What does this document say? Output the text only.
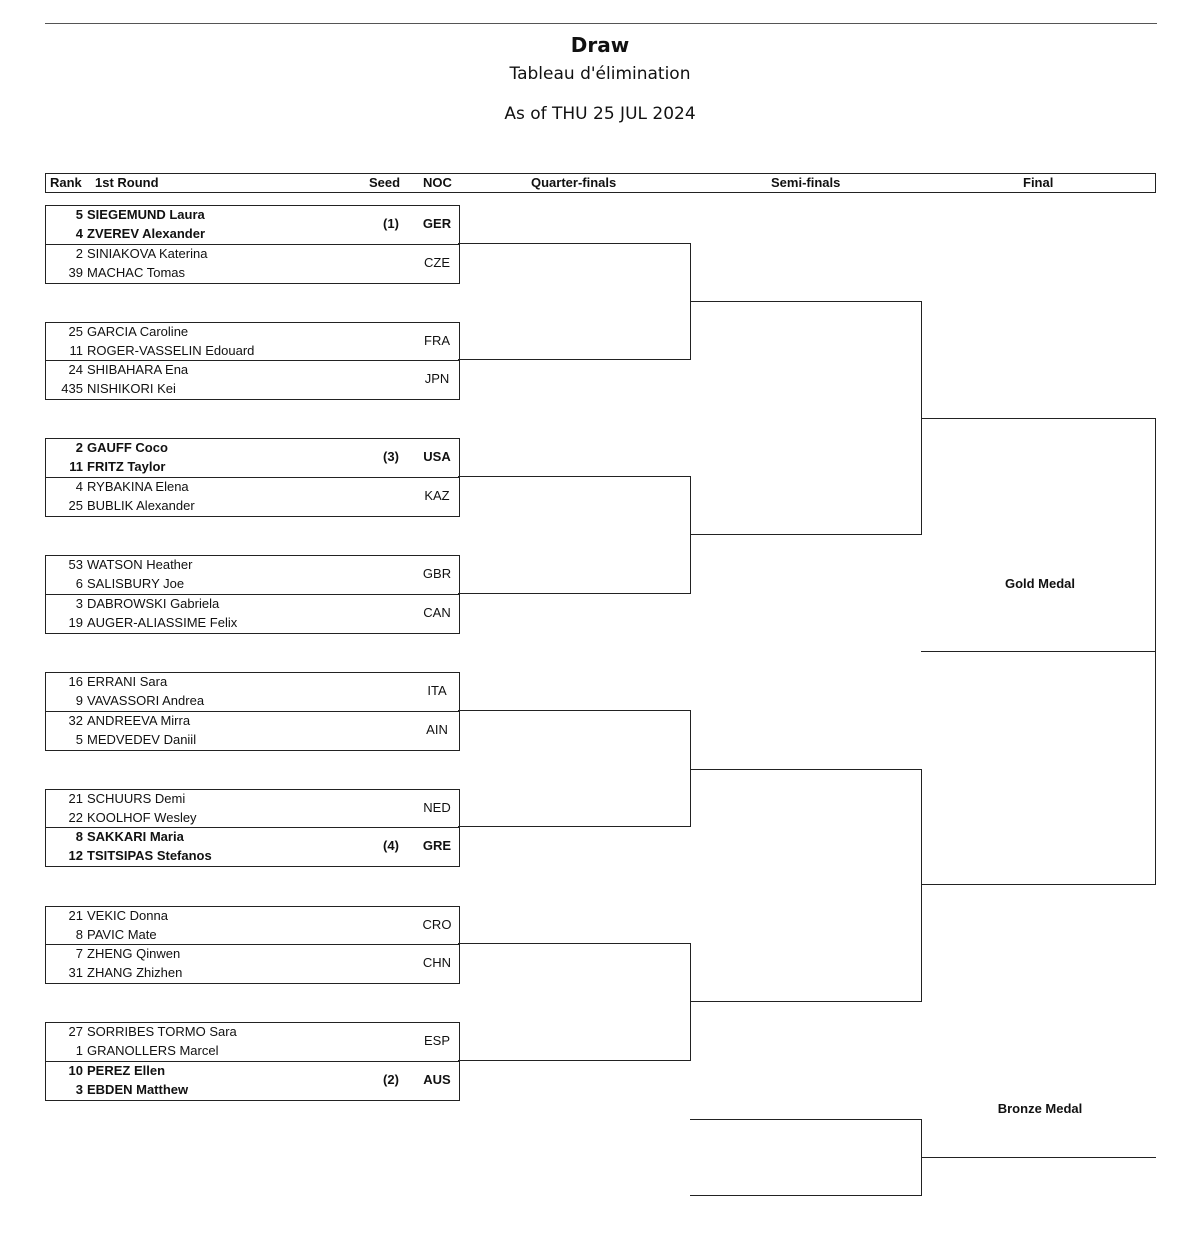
Draw
Tableau d'élimination
As of THU 25 JUL 2024
Rank 1st Round	Seed NOC	Quarter-finals	Semi-finals	Final
5 SIEGEMUND Laura
4 ZVEREV Alexander
(1)	GER
2 SINIAKOVA Katerina
39 MACHAC Tomas
CZE
25 GARCIA Caroline
11 ROGER-VASSELIN Edouard
FRA
24 SHIBAHARA Ena
435 NISHIKORI Kei
JPN
2 GAUFF Coco
11 FRITZ Taylor
(3)	USA
4 RYBAKINA Elena
25 BUBLIK Alexander
KAZ
53 WATSON Heather
6 SALISBURY Joe
GBR
3 DABROWSKI Gabriela
19 AUGER-ALIASSIME Felix
CAN
16 ERRANI Sara
9 VAVASSORI Andrea
ITA
32 ANDREEVA Mirra
5 MEDVEDEV Daniil
AIN
21 SCHUURS Demi
22 KOOLHOF Wesley
NED
8 SAKKARI Maria
12 TSITSIPAS Stefanos
(4)	GRE
21 VEKIC Donna
8 PAVIC Mate
CRO
7 ZHENG Qinwen
31 ZHANG Zhizhen
CHN
27 SORRIBES TORMO Sara
1 GRANOLLERS Marcel
ESP
10 PEREZ Ellen
3 EBDEN Matthew
(2)	AUS
Gold Medal
Bronze Medal
